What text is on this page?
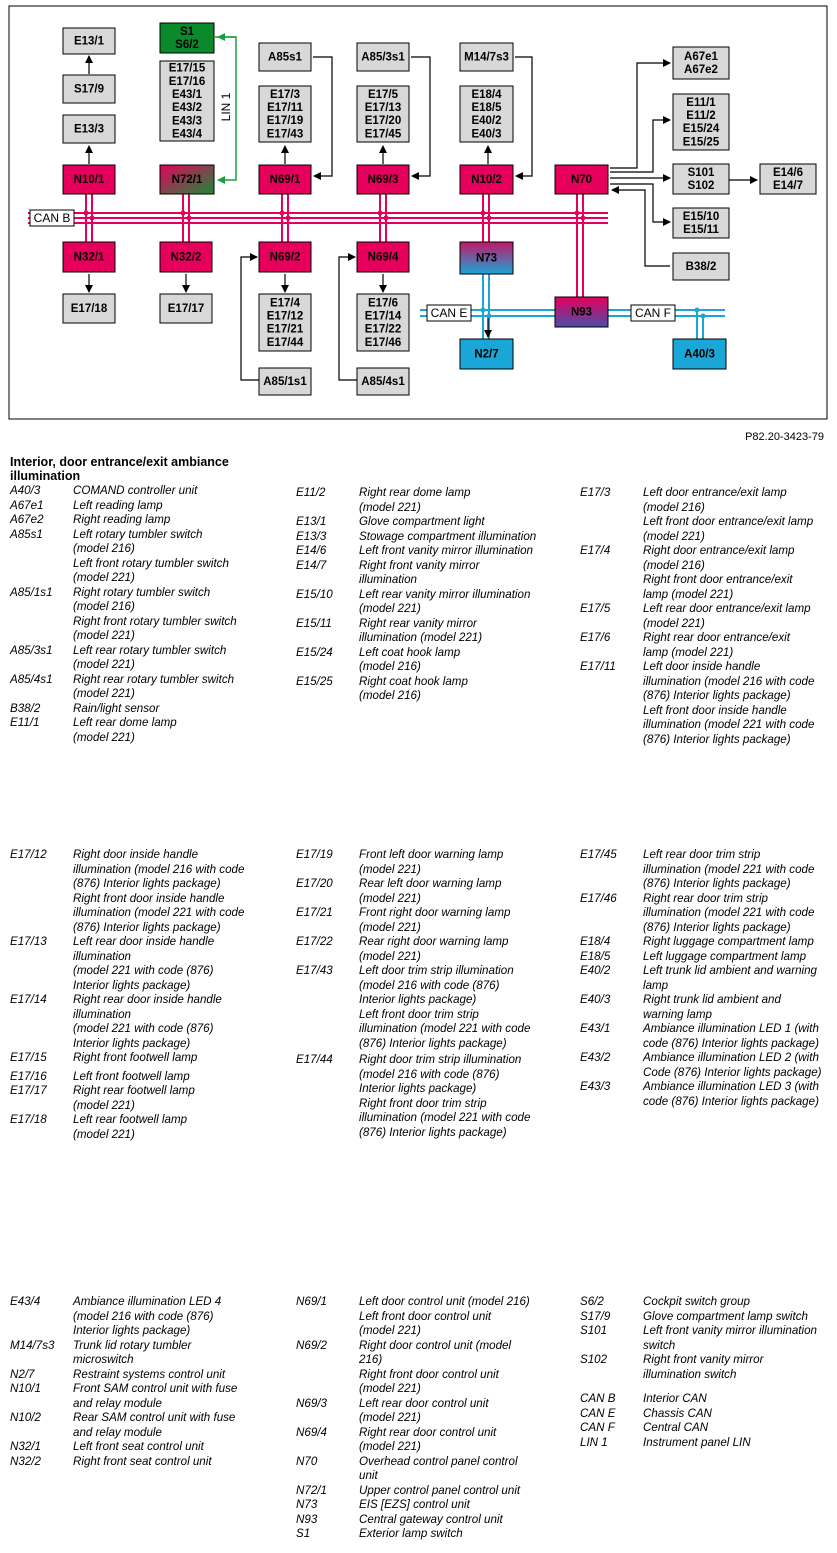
CAN B
CAN E	CAN F
LIN 1
E13/1
S17/9
E13/3
N10/1
N32/1
E17/18
S1
S6/2
E17/15
E17/16
E43/1
E43/2
E43/3
E43/4
N72/1
N32/2
E17/17
A85s1
E17/3
E17/11
E17/19
E17/43
N69/1
N69/2
E17/4
E17/12
E17/21
E17/44
A85/1s1
A85/3s1
E17/5
E17/13
E17/20
E17/45
N69/3
N69/4
E17/6
E17/14
E17/22
E17/46
A85/4s1
M14/7s3
E18/4
E18/5
E40/2
E40/3
N10/2
N73
N2/7
N93
N70
A67e1
A67e2
E11/1
E11/2
E15/24
E15/25
S101
S102
E14/6
E14/7
E15/10
E15/11
B38/2
A40/3
P82.20-3423-79
Interior, door entrance/exit ambiance illumination
A40/3	COMAND controller unit
A67e1	Left reading lamp
A67e2	Right reading lamp
A85s1	Left rotary tumbler switch
(model 216)
Left front rotary tumbler switch
(model 221)
A85/1s1	Right rotary tumbler switch
(model 216)
Right front rotary tumbler switch
(model 221)
A85/3s1	Left rear rotary tumbler switch
(model 221)
A85/4s1	Right rear rotary tumbler switch
(model 221)
B38/2	Rain/light sensor
E11/1	Left rear dome lamp
(model 221)
E11/2	Right rear dome lamp
(model 221)
E13/1	Glove compartment light
E13/3	Stowage compartment illumination
E14/6	Left front vanity mirror illumination
E14/7	Right front vanity mirror
illumination
E15/10	Left rear vanity mirror illumination
(model 221)
E15/11	Right rear vanity mirror
illumination (model 221)
E15/24	Left coat hook lamp
(model 216)
E15/25	Right coat hook lamp
(model 216)
E17/3	Left door entrance/exit lamp
(model 216)
Left front door entrance/exit lamp
(model 221)
E17/4	Right door entrance/exit lamp
(model 216)
Right front door entrance/exit
lamp (model 221)
E17/5	Left rear door entrance/exit lamp
(model 221)
E17/6	Right rear door entrance/exit
lamp (model 221)
E17/11	Left door inside handle
illumination (model 216 with code
(876) Interior lights package)
Left front door inside handle
illumination (model 221 with code
(876) Interior lights package)
E17/12	Right door inside handle
illumination (model 216 with code
(876) Interior lights package)
Right front door inside handle
illumination (model 221 with code
(876) Interior lights package)
E17/13	Left rear door inside handle
illumination
(model 221 with code (876)
Interior lights package)
E17/14	Right rear door inside handle
illumination
(model 221 with code (876)
Interior lights package)
E17/15	Right front footwell lamp
E17/16	Left front footwell lamp
E17/17	Right rear footwell lamp
(model 221)
E17/18	Left rear footwell lamp
(model 221)
E17/19	Front left door warning lamp
(model 221)
E17/20	Rear left door warning lamp
(model 221)
E17/21	Front right door warning lamp
(model 221)
E17/22	Rear right door warning lamp
(model 221)
E17/43	Left door trim strip illumination
(model 216 with code (876)
Interior lights package)
Left front door trim strip
illumination (model 221 with code
(876) Interior lights package)
E17/44	Right door trim strip illumination
(model 216 with code (876)
Interior lights package)
Right front door trim strip
illumination (model 221 with code
(876) Interior lights package)
E17/45	Left rear door trim strip
illumination (model 221 with code
(876) Interior lights package)
E17/46	Right rear door trim strip
illumination (model 221 with code
(876) Interior lights package)
E18/4	Right luggage compartment lamp
E18/5	Left luggage compartment lamp
E40/2	Left trunk lid ambient and warning
lamp
E40/3	Right trunk lid ambient and
warning lamp
E43/1	Ambiance illumination LED 1 (with
code (876) Interior lights package)
E43/2	Ambiance illumination LED 2 (with
Code (876) Interior lights package)
E43/3	Ambiance illumination LED 3 (with
code (876) Interior lights package)
E43/4	Ambiance illumination LED 4
(model 216 with code (876)
Interior lights package)
M14/7s3	Trunk lid rotary tumbler
microswitch
N2/7	Restraint systems control unit
N10/1	Front SAM control unit with fuse
and relay module
N10/2	Rear SAM control unit with fuse
and relay module
N32/1	Left front seat control unit
N32/2	Right front seat control unit
N69/1	Left door control unit (model 216)
Left front door control unit
(model 221)
N69/2	Right door control unit (model
216)
Right front door control unit
(model 221)
N69/3	Left rear door control unit
(model 221)
N69/4	Right rear door control unit
(model 221)
N70	Overhead control panel control
unit
N72/1	Upper control panel control unit
N73	EIS [EZS] control unit
N93	Central gateway control unit
S1	Exterior lamp switch
S6/2	Cockpit switch group
S17/9	Glove compartment lamp switch
S101	Left front vanity mirror illumination
switch
S102	Right front vanity mirror
illumination switch
CAN B	Interior CAN
CAN E	Chassis CAN
CAN F	Central CAN
LIN 1	Instrument panel LIN
